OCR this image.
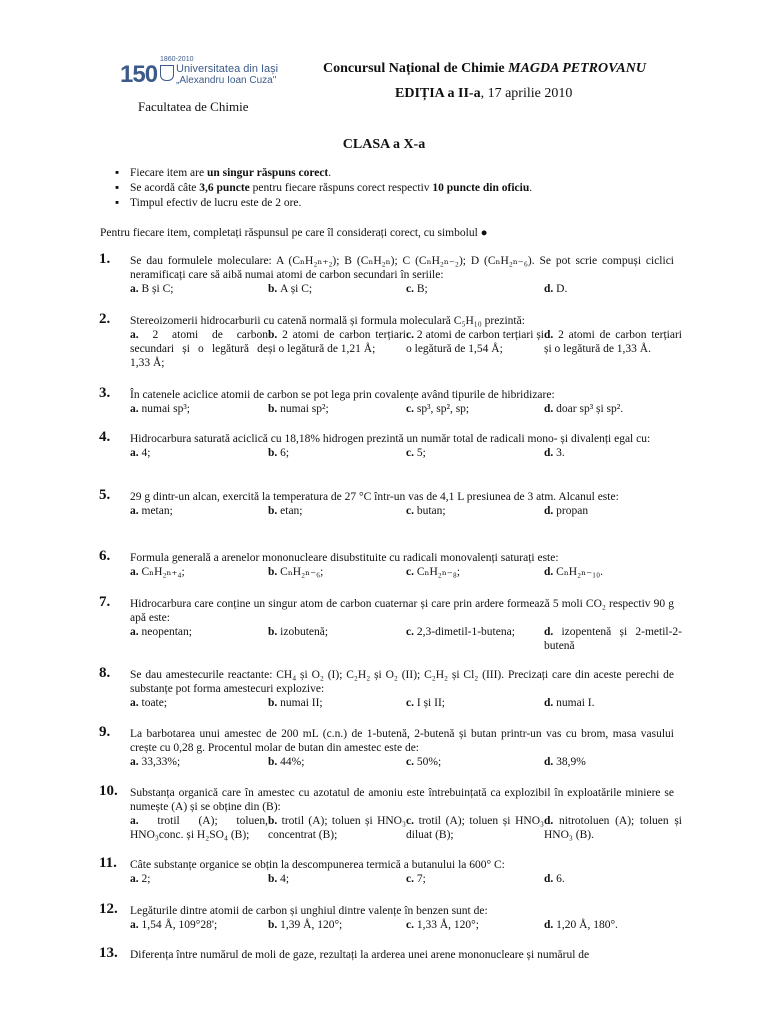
1860-2010
150 Universitatea din Iași
„Alexandru Ioan Cuza"
Facultatea de Chimie
Concursul Național de Chimie MAGDA PETROVANU
EDIȚIA a II-a, 17 aprilie 2010
CLASA a X-a
▪ Fiecare item are un singur răspuns corect.
▪ Se acordă câte 3,6 puncte pentru fiecare răspuns corect respectiv 10 puncte din oficiu.
▪ Timpul efectiv de lucru este de 2 ore.
Pentru fiecare item, completați răspunsul pe care îl considerați corect, cu simbolul ●
1. Se dau formulele moleculare: A (CₙH₂ₙ₊₂); B (CₙH₂ₙ); C (CₙH₂ₙ₋₂); D (CₙH₂ₙ₋₆). Se pot scrie compuși ciclici neramificați care să aibă numai atomi de carbon secundari în seriile:
a. B și C;	b. A și C;	c. B;	d. D.
2. Stereoizomerii hidrocarburii cu catenă normală și formula moleculară C₅H₁₀ prezintă:
a. 2 atomi de carbon secundari și o legătură de 1,33 Å;
b. 2 atomi de carbon terțiari și o legătură de 1,21 Å;
c. 2 atomi de carbon terțiari și o legătură de 1,54 Å;
d. 2 atomi de carbon terțiari și o legătură de 1,33 Å.
3. În catenele aciclice atomii de carbon se pot lega prin covalențe având tipurile de hibridizare:
a. numai sp³;	b. numai sp²;	c. sp³, sp², sp;	d. doar sp³ și sp².
4. Hidrocarbura saturată aciclică cu 18,18% hidrogen prezintă un număr total de radicali mono- și divalenți egal cu:
a. 4;	b. 6;	c. 5;	d. 3.
5. 29 g dintr-un alcan, exercită la temperatura de 27 °C într-un vas de 4,1 L presiunea de 3 atm. Alcanul este:
a. metan;	b. etan;	c. butan;	d. propan
6. Formula generală a arenelor mononucleare disubstituite cu radicali monovalenți saturați este:
a. CₙH₂ₙ₊₄;	b. CₙH₂ₙ₋₆;	c. CₙH₂ₙ₋₈;	d. CₙH₂ₙ₋₁₀.
7. Hidrocarbura care conține un singur atom de carbon cuaternar și care prin ardere formează 5 moli CO₂ respectiv 90 g apă este:
a. neopentan;	b. izobutenă;	c. 2,3-dimetil-1-butena;	d. izopentenă și 2-metil-2-butenă
8. Se dau amestecurile reactante: CH₄ și O₂ (I); C₂H₂ și O₂ (II); C₂H₂ și Cl₂ (III). Precizați care din aceste perechi de substanțe pot forma amestecuri explozive:
a. toate;	b. numai II;	c. I și II;	d. numai I.
9. La barbotarea unui amestec de 200 mL (c.n.) de 1-butenă, 2-butenă și butan printr-un vas cu brom, masa vasului crește cu 0,28 g. Procentul molar de butan din amestec este de:
a. 33,33%;	b. 44%;	c. 50%;	d. 38,9%
10. Substanța organică care în amestec cu azotatul de amoniu este întrebuințată ca explozibil în exploatările miniere se numește (A) și se obține din (B):
a. trotil (A); toluen, HNO₃conc. și H₂SO₄ (B);
b. trotil (A); toluen și HNO₃ concentrat (B);
c. trotil (A); toluen și HNO₃ diluat (B);
d. nitrotoluen (A); toluen și HNO₃ (B).
11. Câte substanțe organice se obțin la descompunerea termică a butanului la 600° C:
a. 2;	b. 4;	c. 7;	d. 6.
12. Legăturile dintre atomii de carbon și unghiul dintre valențe în benzen sunt de:
a. 1,54 Å, 109°28';	b. 1,39 Å, 120°;	c. 1,33 Å, 120°;	d. 1,20 Å, 180°.
13. Diferența între numărul de moli de gaze, rezultați la arderea unei arene mononucleare și numărul de
